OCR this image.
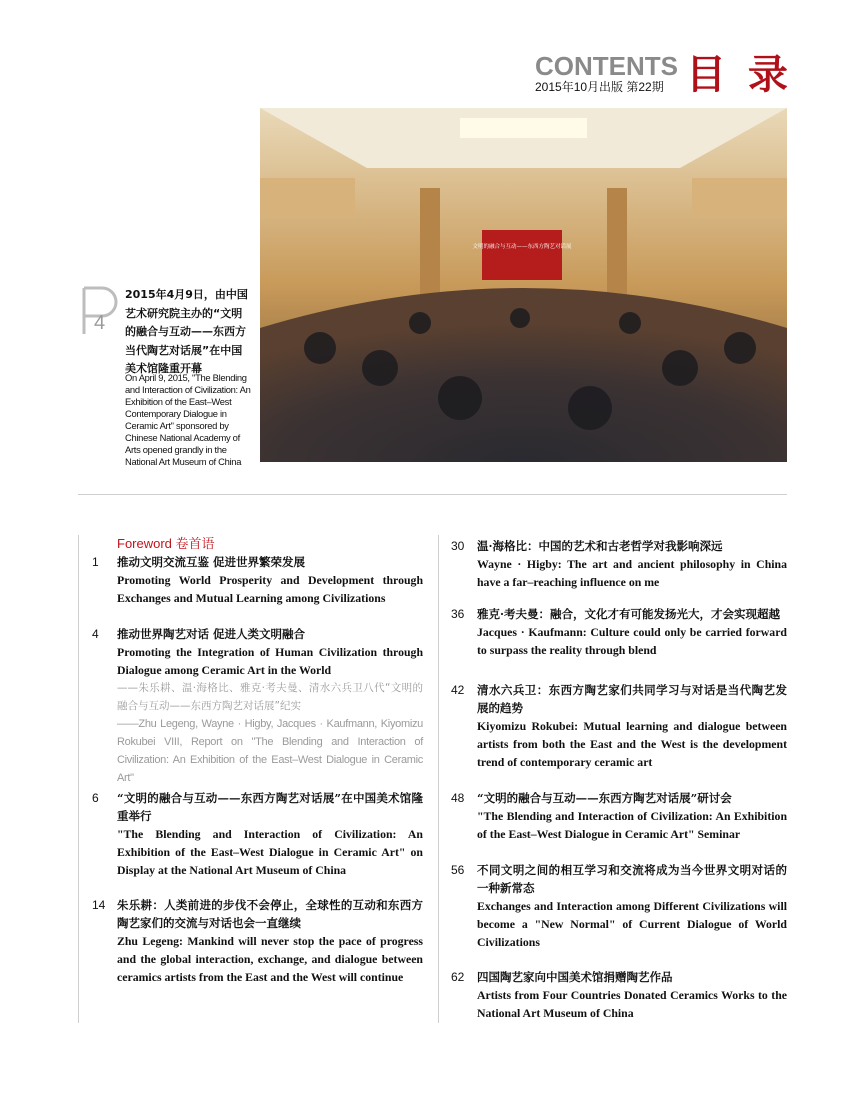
CONTENTS
2015年10月出版 第22期 目 录
文明的融合与互动——东西方陶艺对话展
4
2015年4月9日，由中国艺术研究院主办的“文明的融合与互动——东西方当代陶艺对话展”在中国美术馆隆重开幕
On April 9, 2015, "The Blending and Interaction of Civilization: An Exhibition of the East–West Contemporary Dialogue in Ceramic Art" sponsored by Chinese National Academy of Arts opened grandly in the National Art Museum of China
Foreword 卷首语
1 推动文明交流互鉴 促进世界繁荣发展
Promoting World Prosperity and Development through Exchanges and Mutual Learning among Civilizations
4 推动世界陶艺对话 促进人类文明融合
Promoting the Integration of Human Civilization through Dialogue among Ceramic Art in the World
——朱乐耕、温·海格比、雅克·考夫曼、清水六兵卫八代“文明的融合与互动——东西方陶艺对话展”纪实
——Zhu Legeng, Wayne · Higby, Jacques · Kaufmann, Kiyomizu Rokubei VIII, Report on "The Blending and Interaction of Civilization: An Exhibition of the East–West Dialogue in Ceramic Art"
6 “文明的融合与互动——东西方陶艺对话展”在中国美术馆隆重举行
"The Blending and Interaction of Civilization: An Exhibition of the East–West Dialogue in Ceramic Art" on Display at the National Art Museum of China
14 朱乐耕：人类前进的步伐不会停止，全球性的互动和东西方陶艺家们的交流与对话也会一直继续
Zhu Legeng: Mankind will never stop the pace of progress and the global interaction, exchange, and dialogue between ceramics artists from the East and the West will continue
30 温·海格比：中国的艺术和古老哲学对我影响深远
Wayne · Higby: The art and ancient philosophy in China have a far–reaching influence on me
36 雅克·考夫曼：融合，文化才有可能发扬光大，才会实现超越
Jacques · Kaufmann: Culture could only be carried forward to surpass the reality through blend
42 清水六兵卫：东西方陶艺家们共同学习与对话是当代陶艺发展的趋势
Kiyomizu Rokubei: Mutual learning and dialogue between artists from both the East and the West is the development trend of contemporary ceramic art
48 “文明的融合与互动——东西方陶艺对话展”研讨会
"The Blending and Interaction of Civilization: An Exhibition of the East–West Dialogue in Ceramic Art" Seminar
56 不同文明之间的相互学习和交流将成为当今世界文明对话的一种新常态
Exchanges and Interaction among Different Civilizations will become a "New Normal" of Current Dialogue of World Civilizations
62 四国陶艺家向中国美术馆捐赠陶艺作品
Artists from Four Countries Donated Ceramics Works to the National Art Museum of China
